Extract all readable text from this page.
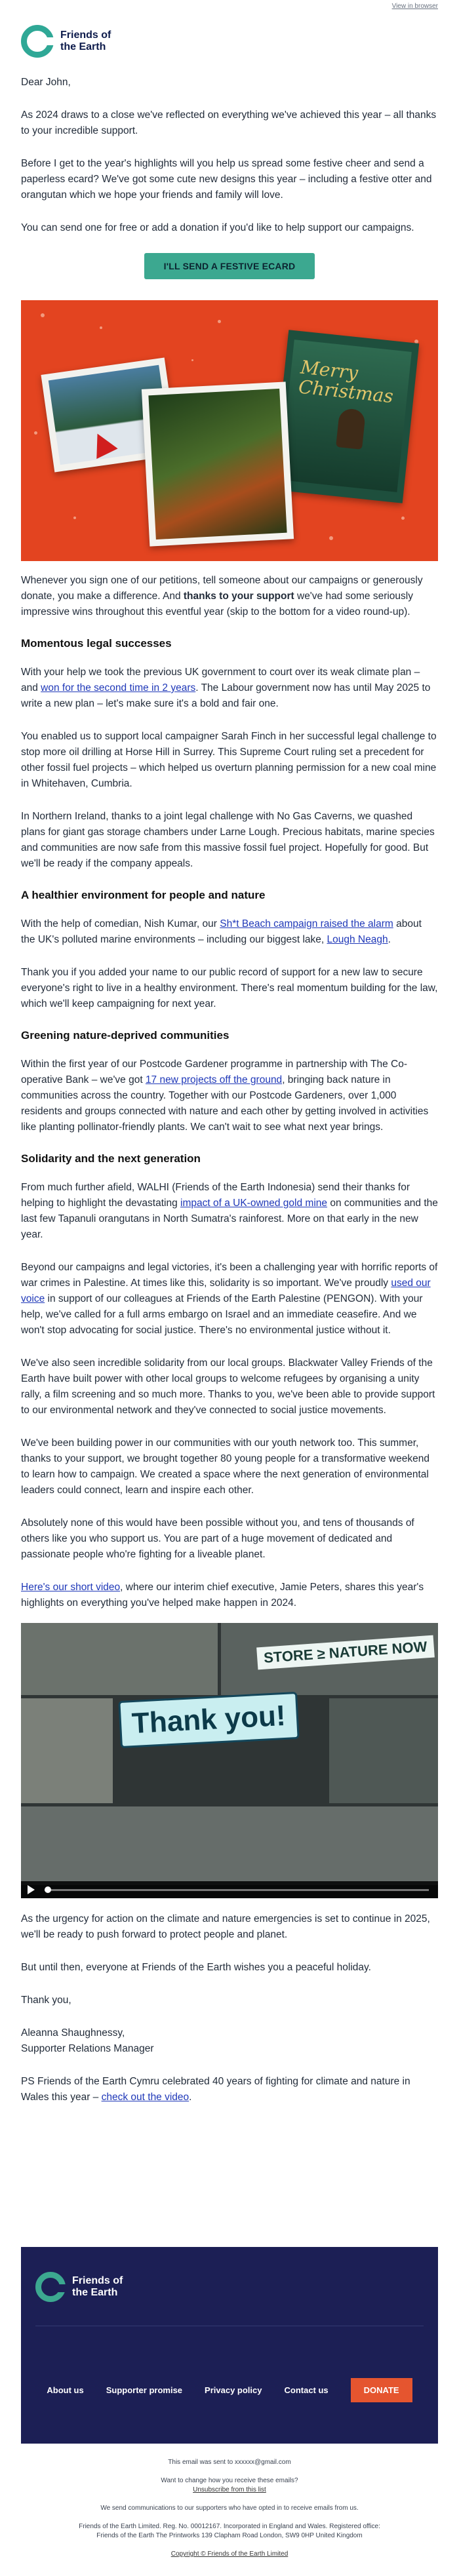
View in browser
Friends of
the Earth

Dear John,

As 2024 draws to a close we've reflected on everything we've achieved this year – all thanks to your incredible support.

Before I get to the year's highlights will you help us spread some festive cheer and send a paperless ecard? We've got some cute new designs this year – including a festive otter and orangutan which we hope your friends and family will love.

You can send one for free or add a donation if you'd like to help support our campaigns.

I'LL SEND A FESTIVE ECARD
Merry
Christmas

Whenever you sign one of our petitions, tell someone about our campaigns or generously donate, you make a difference. And thanks to your support we've had some seriously impressive wins throughout this eventful year (skip to the bottom for a video round-up).

Momentous legal successes

With your help we took the previous UK government to court over its weak climate plan – and won for the second time in 2 years. The Labour government now has until May 2025 to write a new plan – let's make sure it's a bold and fair one.

You enabled us to support local campaigner Sarah Finch in her successful legal challenge to stop more oil drilling at Horse Hill in Surrey. This Supreme Court ruling set a precedent for other fossil fuel projects – which helped us overturn planning permission for a new coal mine in Whitehaven, Cumbria.

In Northern Ireland, thanks to a joint legal challenge with No Gas Caverns, we quashed plans for giant gas storage chambers under Larne Lough. Precious habitats, marine species and communities are now safe from this massive fossil fuel project. Hopefully for good. But we'll be ready if the company appeals.

A healthier environment for people and nature

With the help of comedian, Nish Kumar, our Sh*t Beach campaign raised the alarm about the UK's polluted marine environments – including our biggest lake, Lough Neagh.

Thank you if you added your name to our public record of support for a new law to secure everyone's right to live in a healthy environment. There's real momentum building for the law, which we'll keep campaigning for next year.

Greening nature-deprived communities

Within the first year of our Postcode Gardener programme in partnership with The Co-operative Bank – we've got 17 new projects off the ground, bringing back nature in communities across the country. Together with our Postcode Gardeners, over 1,000 residents and groups connected with nature and each other by getting involved in activities like planting pollinator-friendly plants. We can't wait to see what next year brings.

Solidarity and the next generation

From much further afield, WALHI (Friends of the Earth Indonesia) send their thanks for helping to highlight the devastating impact of a UK-owned gold mine on communities and the last few Tapanuli orangutans in North Sumatra's rainforest. More on that early in the new year.

Beyond our campaigns and legal victories, it's been a challenging year with horrific reports of war crimes in Palestine. At times like this, solidarity is so important. We've proudly used our voice in support of our colleagues at Friends of the Earth Palestine (PENGON). With your help, we've called for a full arms embargo on Israel and an immediate ceasefire. And we won't stop advocating for social justice. There's no environmental justice without it.

We've also seen incredible solidarity from our local groups. Blackwater Valley Friends of the Earth have built power with other local groups to welcome refugees by organising a unity rally, a film screening and so much more. Thanks to you, we've been able to provide support to our environmental network and they've connected to social justice movements.

We've been building power in our communities with our youth network too. This summer, thanks to your support, we brought together 80 young people for a transformative weekend to learn how to campaign. We created a space where the next generation of environmental leaders could connect, learn and inspire each other.

Absolutely none of this would have been possible without you, and tens of thousands of others like you who support us. You are part of a huge movement of dedicated and passionate people who're fighting for a liveable planet.

Here's our short video, where our interim chief executive, Jamie Peters, shares this year's highlights on everything you've helped make happen in 2024.

STORE ≥ NATURE NOW
Thank you!

As the urgency for action on the climate and nature emergencies is set to continue in 2025, we'll be ready to push forward to protect people and planet.

But until then, everyone at Friends of the Earth wishes you a peaceful holiday.

Thank you,

Aleanna Shaughnessy,
Supporter Relations Manager

PS Friends of the Earth Cymru celebrated 40 years of fighting for climate and nature in Wales this year – check out the video.

Friends of
the Earth
About us	Supporter promise	Privacy policy	Contact us	DONATE

This email was sent to xxxxxx@gmail.com

Want to change how you receive these emails?
Unsubscribe from this list

We send communications to our supporters who have opted in to receive emails from us.

Friends of the Earth Limited. Reg. No. 00012167. Incorporated in England and Wales. Registered office:
Friends of the Earth The Printworks 139 Clapham Road London, SW9 0HP United Kingdom

Copyright © Friends of the Earth Limited
